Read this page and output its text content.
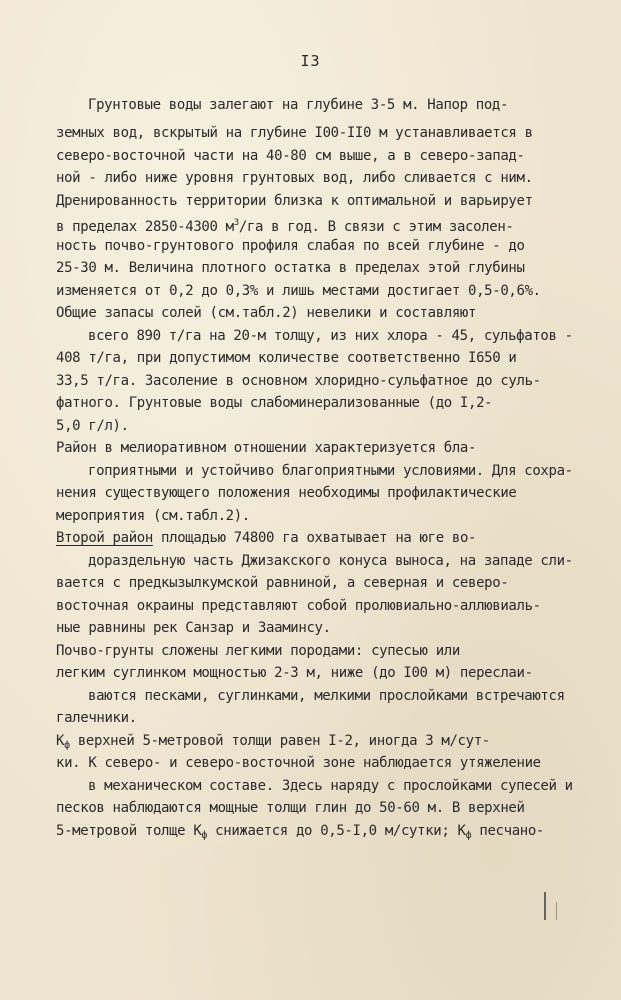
I3
Грунтовые воды залегают на глубине 3-5 м. Напор под-
земных вод, вскрытый на глубине I00-II0 м устанавливается в
северо-восточной части на 40-80 см выше, а в северо-запад-
ной - либо ниже уровня грунтовых вод, либо сливается с ним.
Дренированность территории близка к оптимальной и варьирует
в пределах 2850-4300 $м^3/га$ в год. В связи с этим засолен-
ность почво-грунтового профиля слабая по всей глубине - до
25-30 м. Величина плотного остатка в пределах этой глубины
изменяется от 0,2 до 0,3% и лишь местами достигает 0,5-0,6%.
Общие запасы солей (см.табл.2) невелики и составляют
всего 890 т/га на 20-м толщу, из них хлора - 45, сульфатов -
408 т/га, при допустимом количестве соответственно I650 и
33,5 т/га. Засоление в основном хлоридно-сульфатное до суль-
фатного. Грунтовые воды слабоминерализованные (до I,2-
5,0 г/л).
Район в мелиоративном отношении характеризуется бла-
гоприятными и устойчиво благоприятными условиями. Для сохра-
нения существующего положения необходимы профилактические
мероприятия (см.табл.2).
Второй район площадью 74800 га охватывает на юге во-
дораздельную часть Джизакского конуса выноса, на западе сли-
вается с предкызылкумской равниной, а северная и северо-
восточная окраины представляют собой пролювиально-аллювиаль-
ные равнины рек Санзар и Зааминсу.
Почво-грунты сложены легкими породами: супесью или
легким суглинком мощностью 2-3 м, ниже (до I00 м) переслаи-
ваются песками, суглинками, мелкими прослойками встречаются
галечники.
$К_ф$ верхней 5-метровой толщи равен I-2, иногда 3 м/сут-
ки. К северо- и северо-восточной зоне наблюдается утяжеление
в механическом составе. Здесь наряду с прослойками супесей и
песков наблюдаются мощные толщи глин до 50-60 м. В верхней
5-метровой толще $К_ф$ снижается до 0,5-I,0 м/сутки; $К_ф$ песчано-
